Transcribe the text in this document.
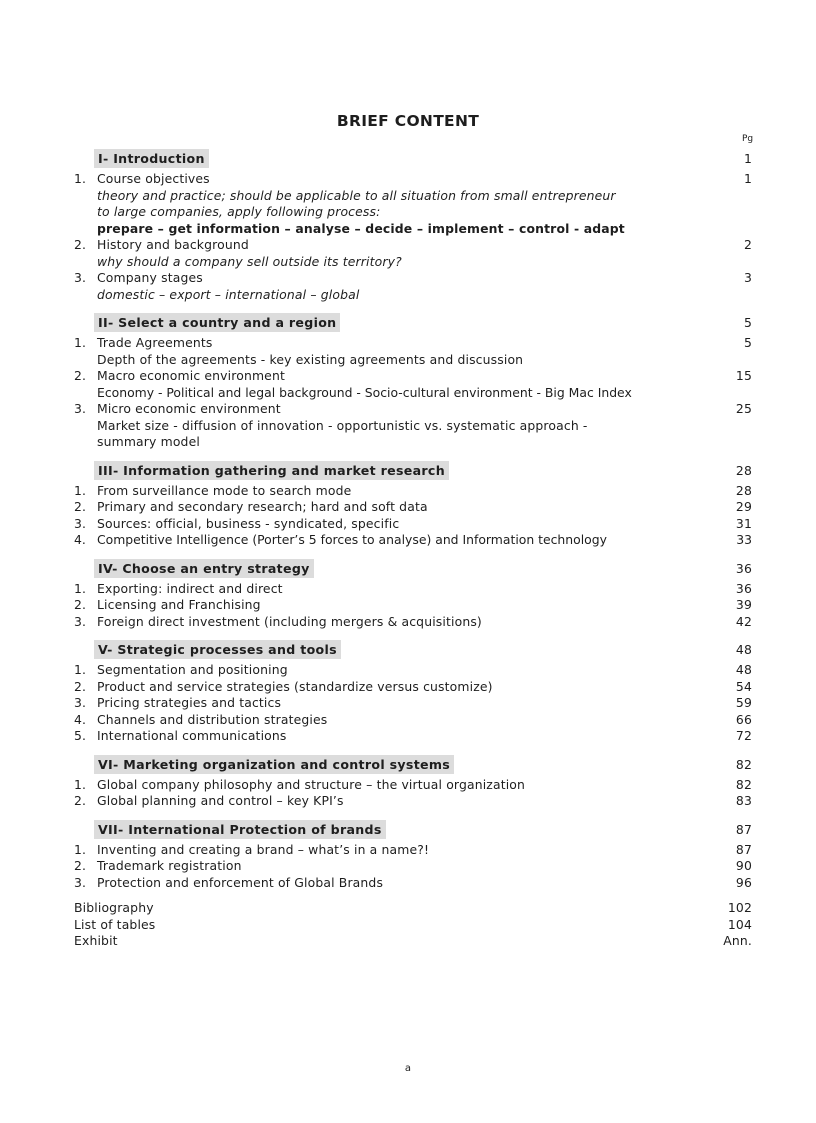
BRIEF CONTENT
Pg
I- Introduction	1
1. Course objectives	1
theory and practice; should be applicable to all situation from small entrepreneur
to large companies, apply following process:
prepare – get information – analyse – decide – implement – control - adapt
2. History and background	2
why should a company sell outside its territory?
3. Company stages	3
domestic – export – international – global
II- Select a country and a region	5
1. Trade Agreements	5
Depth of the agreements - key existing agreements and discussion
2. Macro economic environment	15
Economy - Political and legal background - Socio-cultural environment - Big Mac Index
3. Micro economic environment	25
Market size - diffusion of innovation - opportunistic vs. systematic approach -
summary model
III- Information gathering and market research	28
1. From surveillance mode to search mode	28
2. Primary and secondary research; hard and soft data	29
3. Sources: official, business - syndicated, specific	31
4. Competitive Intelligence (Porter’s 5 forces to analyse) and Information technology	33
IV- Choose an entry strategy	36
1. Exporting: indirect and direct	36
2. Licensing and Franchising	39
3. Foreign direct investment (including mergers & acquisitions)	42
V- Strategic processes and tools	48
1. Segmentation and positioning	48
2. Product and service strategies (standardize versus customize)	54
3. Pricing strategies and tactics	59
4. Channels and distribution strategies	66
5. International communications	72
VI- Marketing organization and control systems	82
1. Global company philosophy and structure – the virtual organization	82
2. Global planning and control – key KPI’s	83
VII- International Protection of brands	87
1. Inventing and creating a brand – what’s in a name?!	87
2. Trademark registration	90
3. Protection and enforcement of Global Brands	96
Bibliography	102
List of tables	104
Exhibit	Ann.
a
